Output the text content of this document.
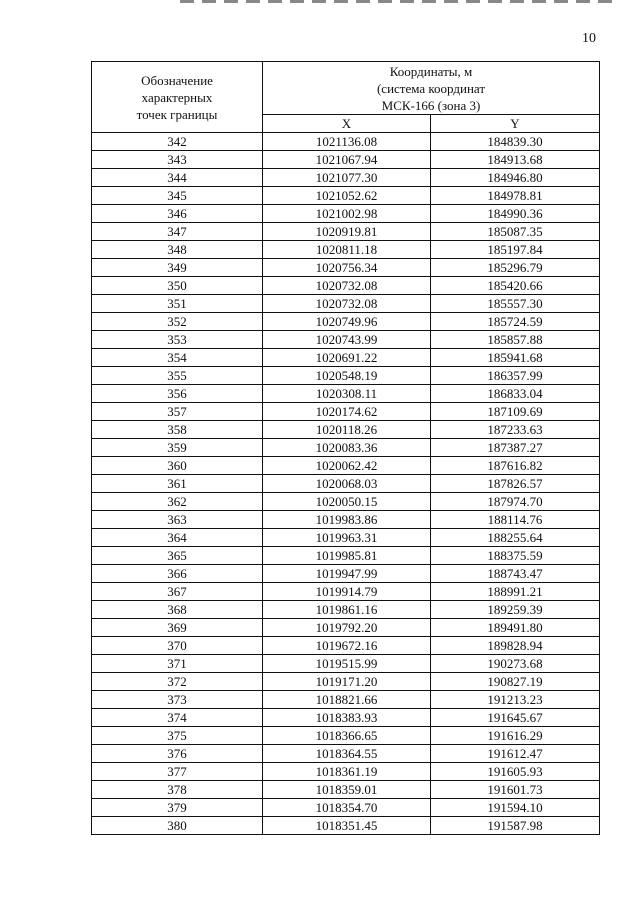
10
Обозначение
характерных
точек границы	Координаты, м
(система координат
МСК-166 (зона 3)	
	X	Y
342	1021136.08	184839.30
343	1021067.94	184913.68
344	1021077.30	184946.80
345	1021052.62	184978.81
346	1021002.98	184990.36
347	1020919.81	185087.35
348	1020811.18	185197.84
349	1020756.34	185296.79
350	1020732.08	185420.66
351	1020732.08	185557.30
352	1020749.96	185724.59
353	1020743.99	185857.88
354	1020691.22	185941.68
355	1020548.19	186357.99
356	1020308.11	186833.04
357	1020174.62	187109.69
358	1020118.26	187233.63
359	1020083.36	187387.27
360	1020062.42	187616.82
361	1020068.03	187826.57
362	1020050.15	187974.70
363	1019983.86	188114.76
364	1019963.31	188255.64
365	1019985.81	188375.59
366	1019947.99	188743.47
367	1019914.79	188991.21
368	1019861.16	189259.39
369	1019792.20	189491.80
370	1019672.16	189828.94
371	1019515.99	190273.68
372	1019171.20	190827.19
373	1018821.66	191213.23
374	1018383.93	191645.67
375	1018366.65	191616.29
376	1018364.55	191612.47
377	1018361.19	191605.93
378	1018359.01	191601.73
379	1018354.70	191594.10
380	1018351.45	191587.98
